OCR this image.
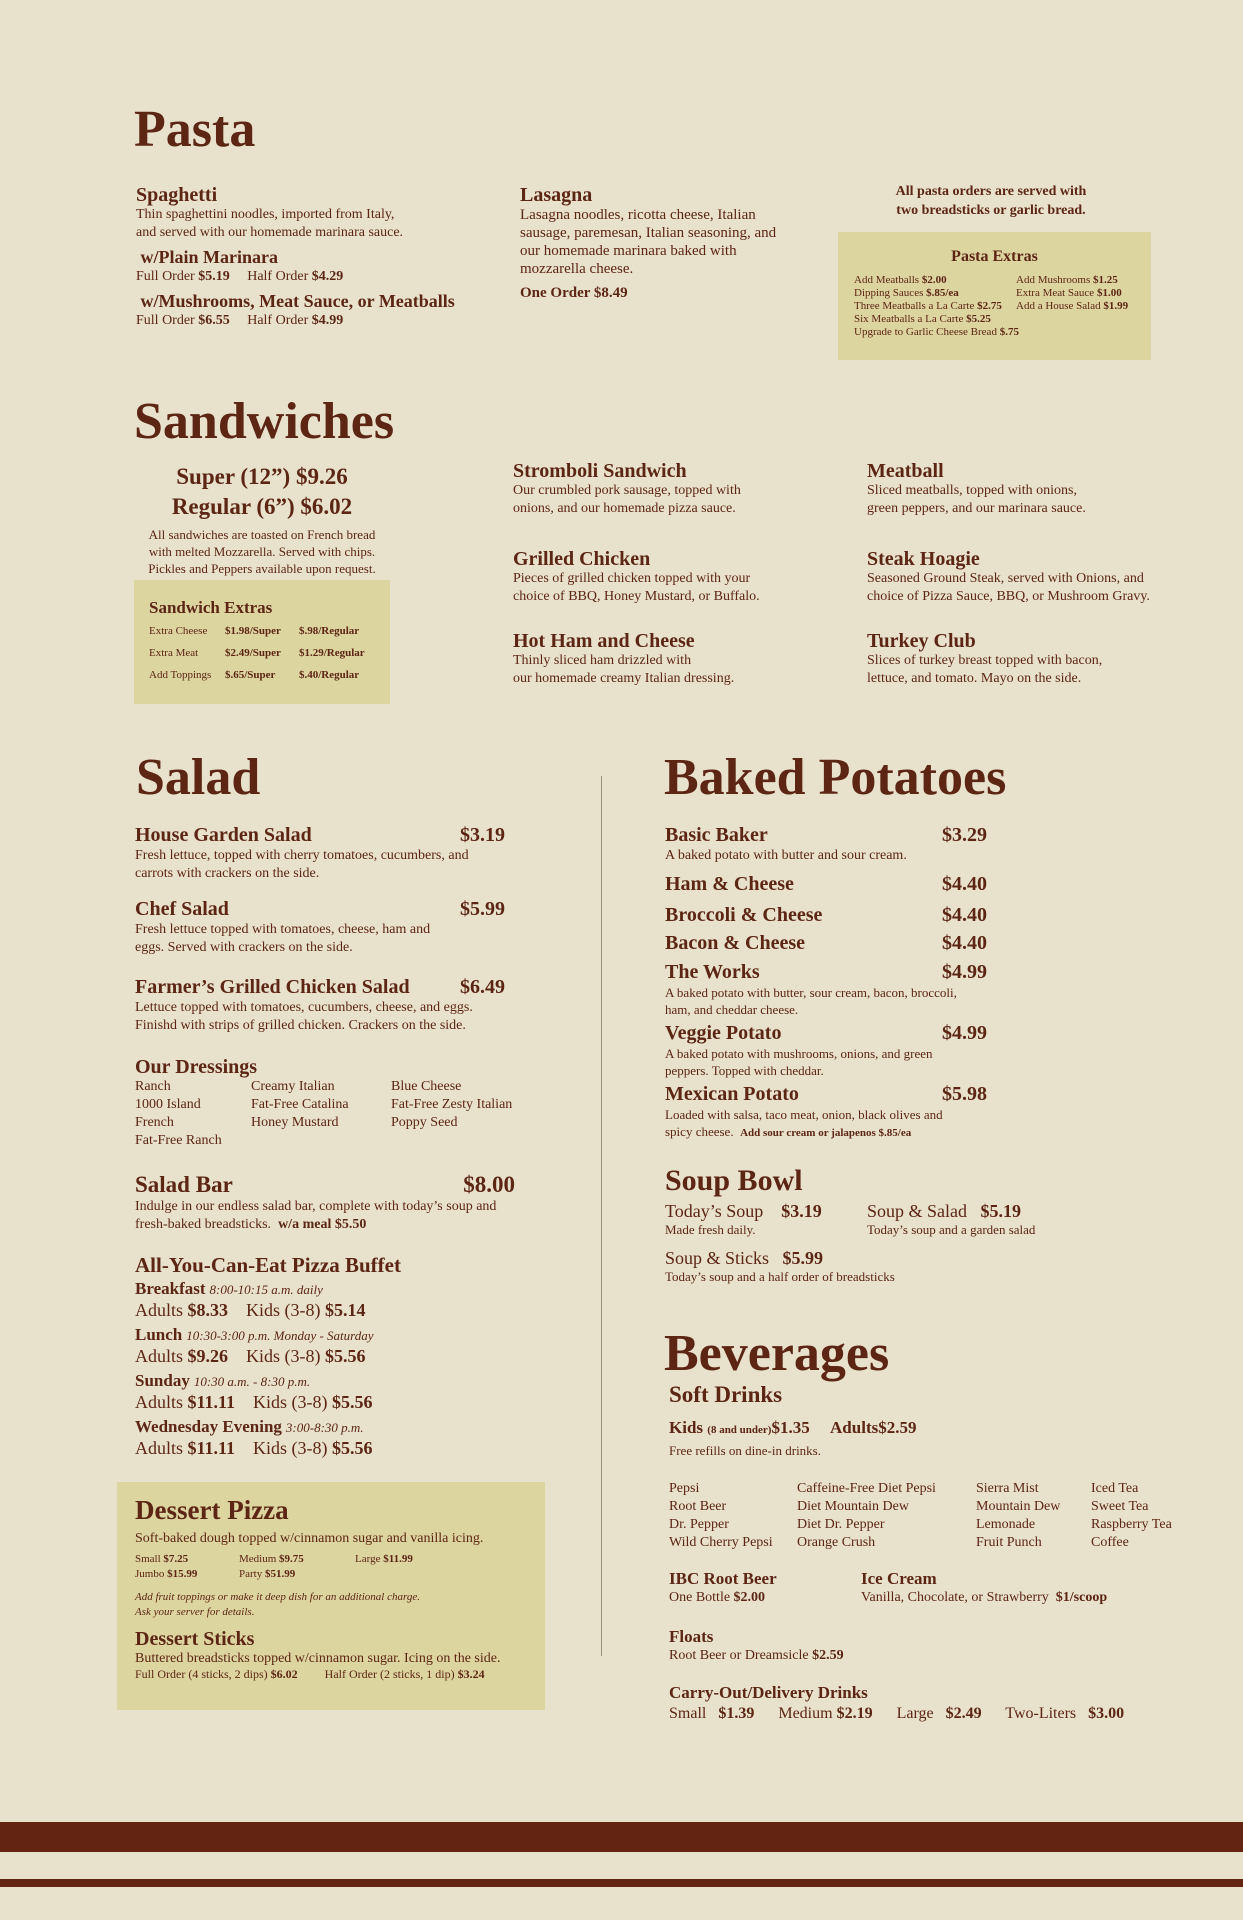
Pasta
Spaghetti
Thin spaghettini noodles, imported from Italy,
and served with our homemade marinara sauce.
w/Plain Marinara
Full Order $5.19 Half Order $4.29
w/Mushrooms, Meat Sauce, or Meatballs
Full Order $6.55 Half Order $4.99
Lasagna
Lasagna noodles, ricotta cheese, Italian
sausage, paremesan, Italian seasoning, and
our homemade marinara baked with
mozzarella cheese.
One Order $8.49
All pasta orders are served with
two breadsticks or garlic bread.
Pasta Extras
Add Meatballs $2.00
Dipping Sauces $.85/ea
Three Meatballs a La Carte $2.75
Six Meatballs a La Carte $5.25
Upgrade to Garlic Cheese Bread $.75
Add Mushrooms $1.25
Extra Meat Sauce $1.00
Add a House Salad $1.99
Sandwiches
Super (12”) $9.26
Regular (6”) $6.02
All sandwiches are toasted on French bread
with melted Mozzarella. Served with chips.
Pickles and Peppers available upon request.
Sandwich Extras
Extra Cheese	$1.98/Super	$.98/Regular
Extra Meat	$2.49/Super	$1.29/Regular
Add Toppings	$.65/Super	$.40/Regular
Stromboli Sandwich
Our crumbled pork sausage, topped with
onions, and our homemade pizza sauce.
Grilled Chicken
Pieces of grilled chicken topped with your
choice of BBQ, Honey Mustard, or Buffalo.
Hot Ham and Cheese
Thinly sliced ham drizzled with
our homemade creamy Italian dressing.
Meatball
Sliced meatballs, topped with onions,
green peppers, and our marinara sauce.
Steak Hoagie
Seasoned Ground Steak, served with Onions, and
choice of Pizza Sauce, BBQ, or Mushroom Gravy.
Turkey Club
Slices of turkey breast topped with bacon,
lettuce, and tomato. Mayo on the side.
Salad
House Garden Salad	$3.19
Fresh lettuce, topped with cherry tomatoes, cucumbers, and
carrots with crackers on the side.
Chef Salad	$5.99
Fresh lettuce topped with tomatoes, cheese, ham and
eggs. Served with crackers on the side.
Farmer’s Grilled Chicken Salad	$6.49
Lettuce topped with tomatoes, cucumbers, cheese, and eggs.
Finishd with strips of grilled chicken. Crackers on the side.
Our Dressings
Ranch
1000 Island
French
Fat-Free Ranch
Creamy Italian
Fat-Free Catalina
Honey Mustard
Blue Cheese
Fat-Free Zesty Italian
Poppy Seed
Salad Bar	$8.00
Indulge in our endless salad bar, complete with today’s soup and
fresh-baked breadsticks. w/a meal $5.50
All-You-Can-Eat Pizza Buffet
Breakfast 8:00-10:15 a.m. daily
Adults $8.33 Kids (3-8) $5.14
Lunch 10:30-3:00 p.m. Monday - Saturday
Adults $9.26 Kids (3-8) $5.56
Sunday 10:30 a.m. - 8:30 p.m.
Adults $11.11 Kids (3-8) $5.56
Wednesday Evening 3:00-8:30 p.m.
Adults $11.11 Kids (3-8) $5.56
Dessert Pizza
Soft-baked dough topped w/cinnamon sugar and vanilla icing.
Small $7.25	Medium $9.75	Large $11.99
Jumbo $15.99	Party $51.99
Add fruit toppings or make it deep dish for an additional charge.
Ask your server for details.
Dessert Sticks
Buttered breadsticks topped w/cinnamon sugar. Icing on the side.
Full Order (4 sticks, 2 dips) $6.02 Half Order (2 sticks, 1 dip) $3.24
Baked Potatoes
Basic Baker	$3.29
A baked potato with butter and sour cream.
Ham & Cheese	$4.40
Broccoli & Cheese	$4.40
Bacon & Cheese	$4.40
The Works	$4.99
A baked potato with butter, sour cream, bacon, broccoli,
ham, and cheddar cheese.
Veggie Potato	$4.99
A baked potato with mushrooms, onions, and green
peppers. Topped with cheddar.
Mexican Potato	$5.98
Loaded with salsa, taco meat, onion, black olives and
spicy cheese. Add sour cream or jalapenos $.85/ea
Soup Bowl
Today’s Soup $3.19
Made fresh daily.
Soup & Salad $5.19
Today’s soup and a garden salad
Soup & Sticks $5.99
Today’s soup and a half order of breadsticks
Beverages
Soft Drinks
Kids (8 and under)$1.35 Adults$2.59
Free refills on dine-in drinks.
Pepsi
Root Beer
Dr. Pepper
Wild Cherry Pepsi
Caffeine-Free Diet Pepsi
Diet Mountain Dew
Diet Dr. Pepper
Orange Crush
Sierra Mist
Mountain Dew
Lemonade
Fruit Punch
Iced Tea
Sweet Tea
Raspberry Tea
Coffee
IBC Root Beer
One Bottle $2.00
Ice Cream
Vanilla, Chocolate, or Strawberry $1/scoop
Floats
Root Beer or Dreamsicle $2.59
Carry-Out/Delivery Drinks
Small $1.39 Medium $2.19 Large $2.49 Two-Liters $3.00
